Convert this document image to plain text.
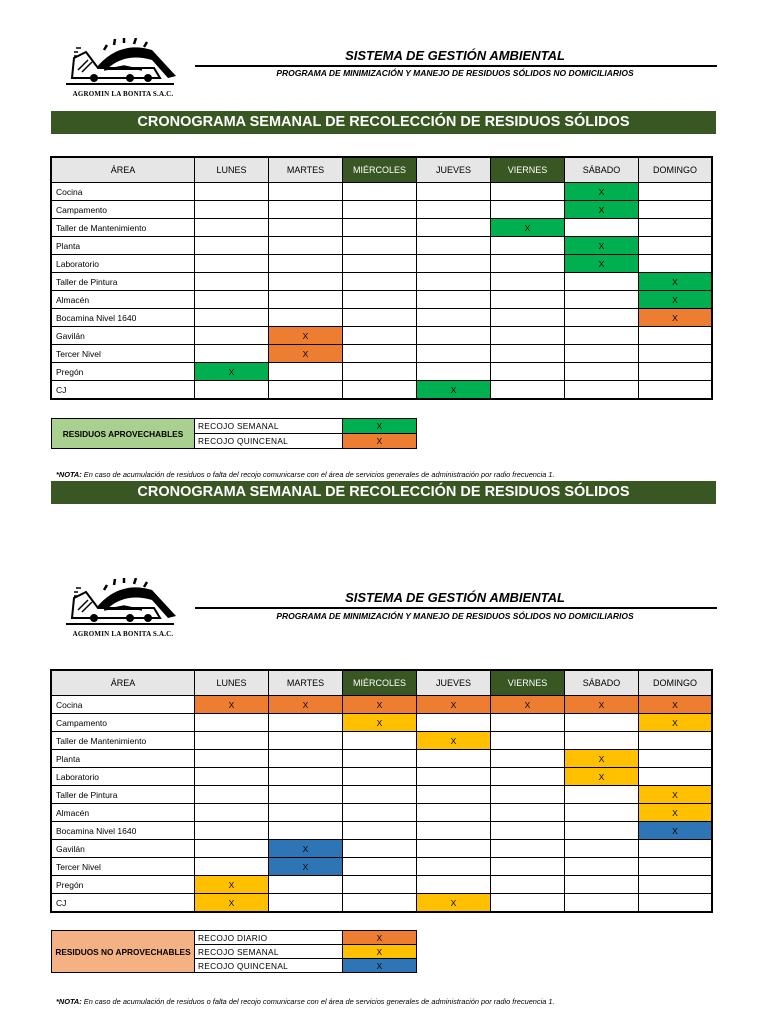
AGROMIN LA BONITA S.A.C.
SISTEMA DE GESTIÓN AMBIENTAL
PROGRAMA DE MINIMIZACIÓN Y MANEJO DE RESIDUOS SÓLIDOS NO DOMICILIARIOS
CRONOGRAMA SEMANAL DE RECOLECCIÓN DE RESIDUOS SÓLIDOS
ÁREA	LUNES	MARTES	MIÉRCOLES	JUEVES	VIERNES	SÁBADO	DOMINGO
Cocina						X	
Campamento						X	
Taller de Mantenimiento					X		
Planta						X	
Laboratorio						X	
Taller de Pintura							X
Almacén							X
Bocamina Nivel 1640							X
Gavilán		X					
Tercer Nivel		X					
Pregón	X						
CJ				X			
RESIDUOS APROVECHABLES	RECOJO SEMANAL	X
	RECOJO QUINCENAL	X
*NOTA: En caso de acumulación de residuos o falta del recojo comunicarse con el área de servicios generales de administración por radio frecuencia 1.
CRONOGRAMA SEMANAL DE RECOLECCIÓN DE RESIDUOS SÓLIDOS
AGROMIN LA BONITA S.A.C.
SISTEMA DE GESTIÓN AMBIENTAL
PROGRAMA DE MINIMIZACIÓN Y MANEJO DE RESIDUOS SÓLIDOS NO DOMICILIARIOS
ÁREA	LUNES	MARTES	MIÉRCOLES	JUEVES	VIERNES	SÁBADO	DOMINGO
Cocina	X	X	X	X	X	X	X
Campamento			X				X
Taller de Mantenimiento				X			
Planta						X	
Laboratorio						X	
Taller de Pintura							X
Almacén							X
Bocamina Nivel 1640							X
Gavilán		X					
Tercer Nivel		X					
Pregón	X						
CJ	X			X			
RESIDUOS NO APROVECHABLES	RECOJO DIARIO	X
	RECOJO SEMANAL	X
	RECOJO QUINCENAL	X
*NOTA: En caso de acumulación de residuos o falta del recojo comunicarse con el área de servicios generales de administración por radio frecuencia 1.
